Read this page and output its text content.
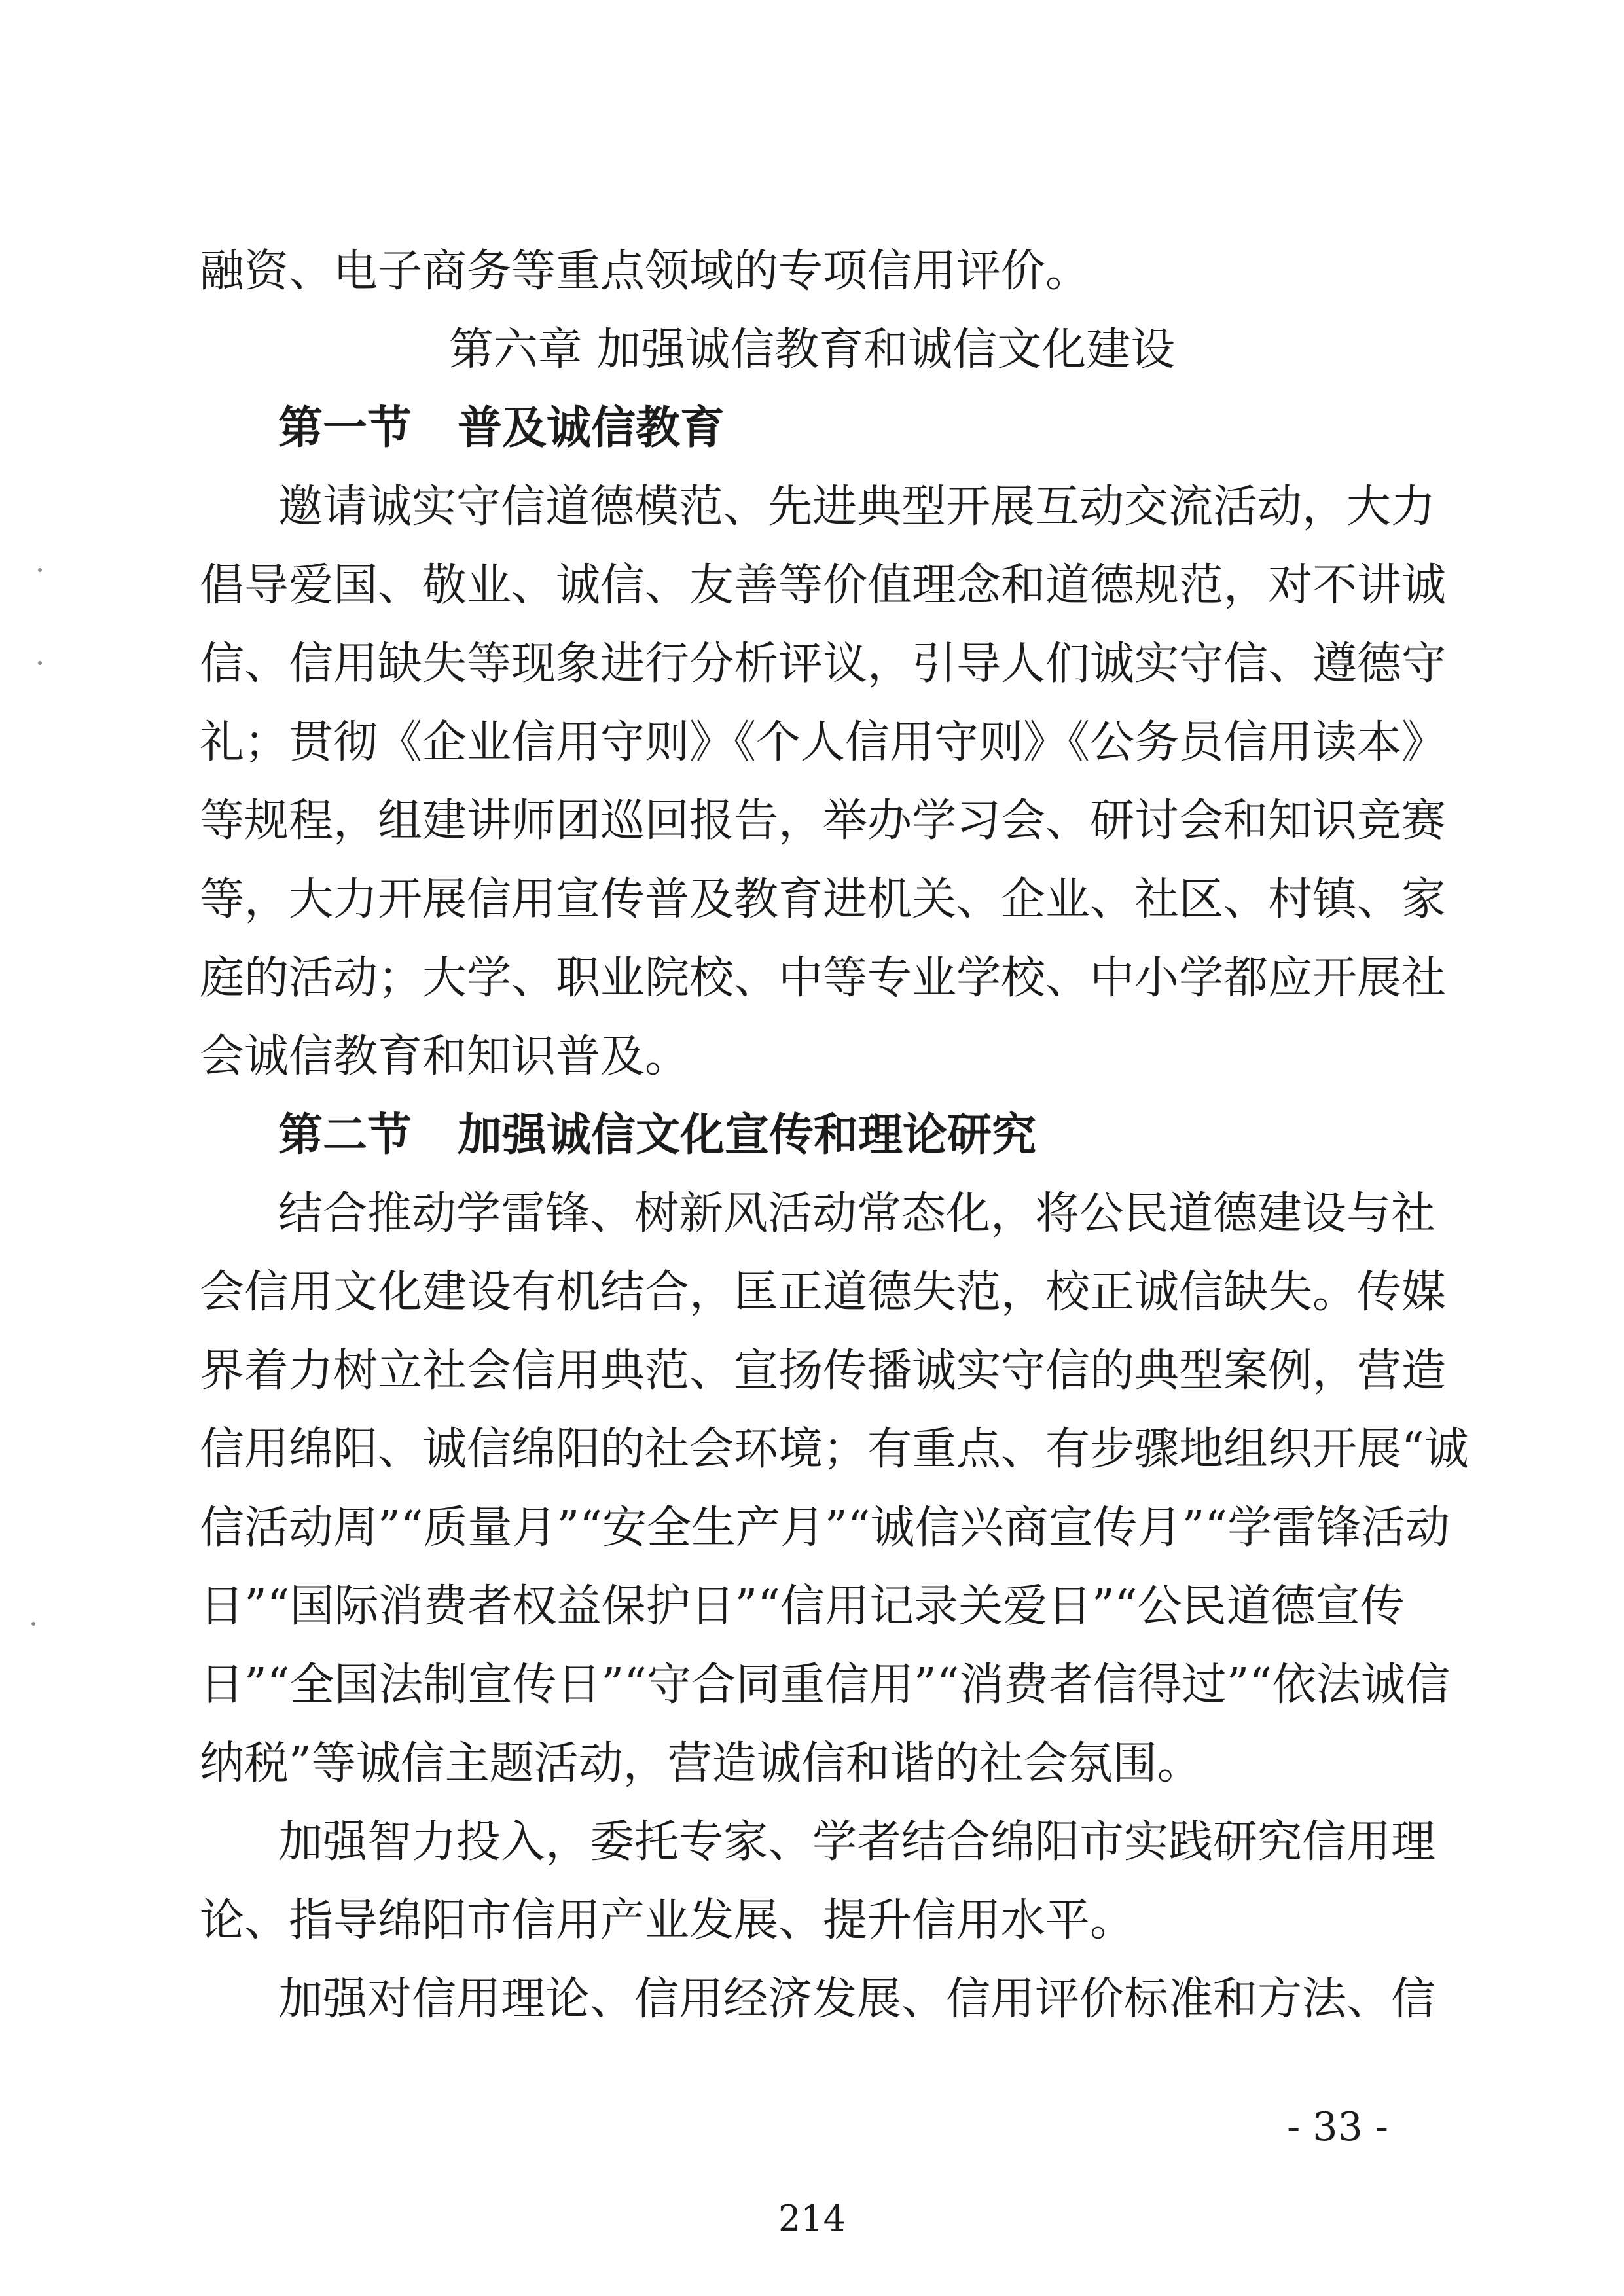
融资、电子商务等重点领域的专项信用评价。
第六章 加强诚信教育和诚信文化建设
第一节 普及诚信教育
邀请诚实守信道德模范、先进典型开展互动交流活动，大力
倡导爱国、敬业、诚信、友善等价值理念和道德规范，对不讲诚
信、信用缺失等现象进行分析评议，引导人们诚实守信、遵德守
礼；贯彻《企业信用守则》《个人信用守则》《公务员信用读本》
等规程，组建讲师团巡回报告，举办学习会、研讨会和知识竞赛
等，大力开展信用宣传普及教育进机关、企业、社区、村镇、家
庭的活动；大学、职业院校、中等专业学校、中小学都应开展社
会诚信教育和知识普及。
第二节 加强诚信文化宣传和理论研究
结合推动学雷锋、树新风活动常态化，将公民道德建设与社
会信用文化建设有机结合，匡正道德失范，校正诚信缺失。传媒
界着力树立社会信用典范、宣扬传播诚实守信的典型案例，营造
信用绵阳、诚信绵阳的社会环境；有重点、有步骤地组织开展“诚
信活动周”“质量月”“安全生产月”“诚信兴商宣传月”“学雷锋活动
日”“国际消费者权益保护日”“信用记录关爱日”“公民道德宣传
日”“全国法制宣传日”“守合同重信用”“消费者信得过”“依法诚信
纳税”等诚信主题活动，营造诚信和谐的社会氛围。
加强智力投入，委托专家、学者结合绵阳市实践研究信用理
论、指导绵阳市信用产业发展、提升信用水平。
加强对信用理论、信用经济发展、信用评价标准和方法、信
- 33 -
214
